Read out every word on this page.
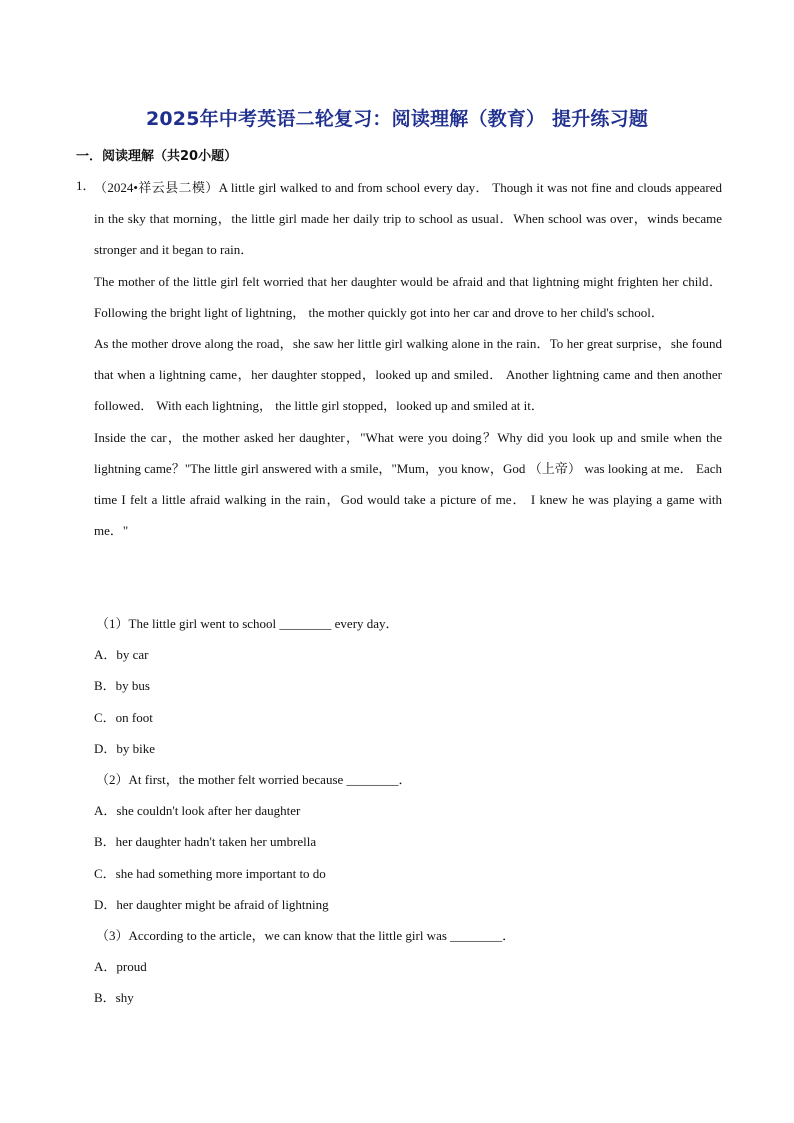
2025年中考英语二轮复习：阅读理解（教育） 提升练习题
一．阅读理解（共20小题）
1．

（2024•祥云县二模）A little girl walked to and from school every day． Though it was not fine and clouds appeared in the sky that morning，the little girl made her daily trip to school as usual．When school was over，winds became stronger and it began to rain．

The mother of the little girl felt worried that her daughter would be afraid and that lightning might frighten her child． Following the bright light of lightning， the mother quickly got into her car and drove to her child's school．

As the mother drove along the road，she saw her little girl walking alone in the rain．To her great surprise，she found that when a lightning came，her daughter stopped，looked up and smiled． Another lightning came and then another followed． With each lightning， the little girl stopped，looked up and smiled at it．

Inside the car，the mother asked her daughter，"What were you doing？Why did you look up and smile when the lightning came？"The little girl answered with a smile，"Mum，you know，God （上帝） was looking at me． Each time I felt a little afraid walking in the rain，God would take a picture of me． I knew he was playing a game with me．"

（1）The little girl went to school ________ every day．
A．by car
B．by bus
C．on foot
D．by bike
（2）At first，the mother felt worried because ________．
A．she couldn't look after her daughter
B．her daughter hadn't taken her umbrella
C．she had something more important to do
D．her daughter might be afraid of lightning
（3）According to the article，we can know that the little girl was ________．
A．proud
B．shy
